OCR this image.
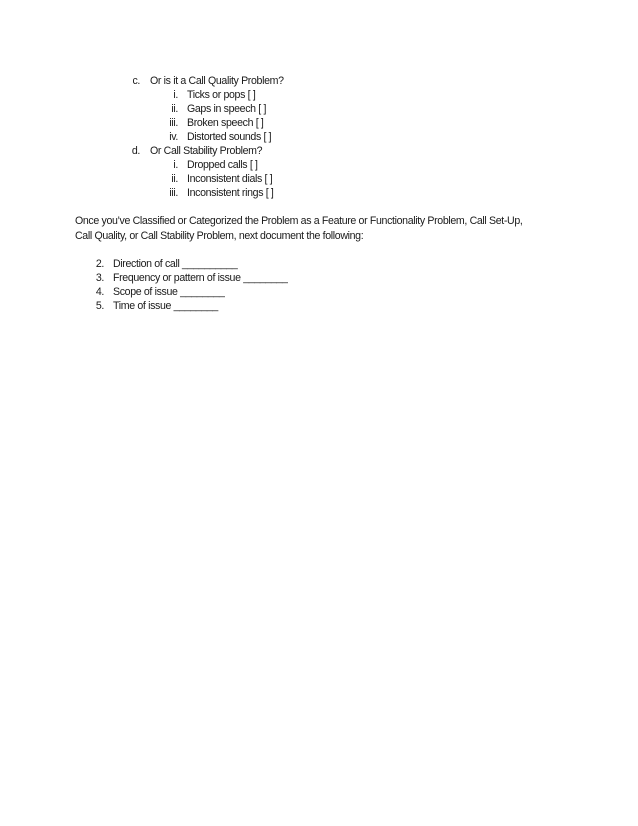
c. Or is it a Call Quality Problem?
i. Ticks or pops [ ]
ii. Gaps in speech [ ]
iii. Broken speech [ ]
iv. Distorted sounds [ ]
d. Or Call Stability Problem?
i. Dropped calls [ ]
ii. Inconsistent dials [ ]
iii. Inconsistent rings [ ]
Once you’ve Classified or Categorized the Problem as a Feature or Functionality Problem, Call Set-Up,
Call Quality, or Call Stability Problem, next document the following:
2. Direction of call __________
3. Frequency or pattern of issue ________
4. Scope of issue ________
5. Time of issue ________
